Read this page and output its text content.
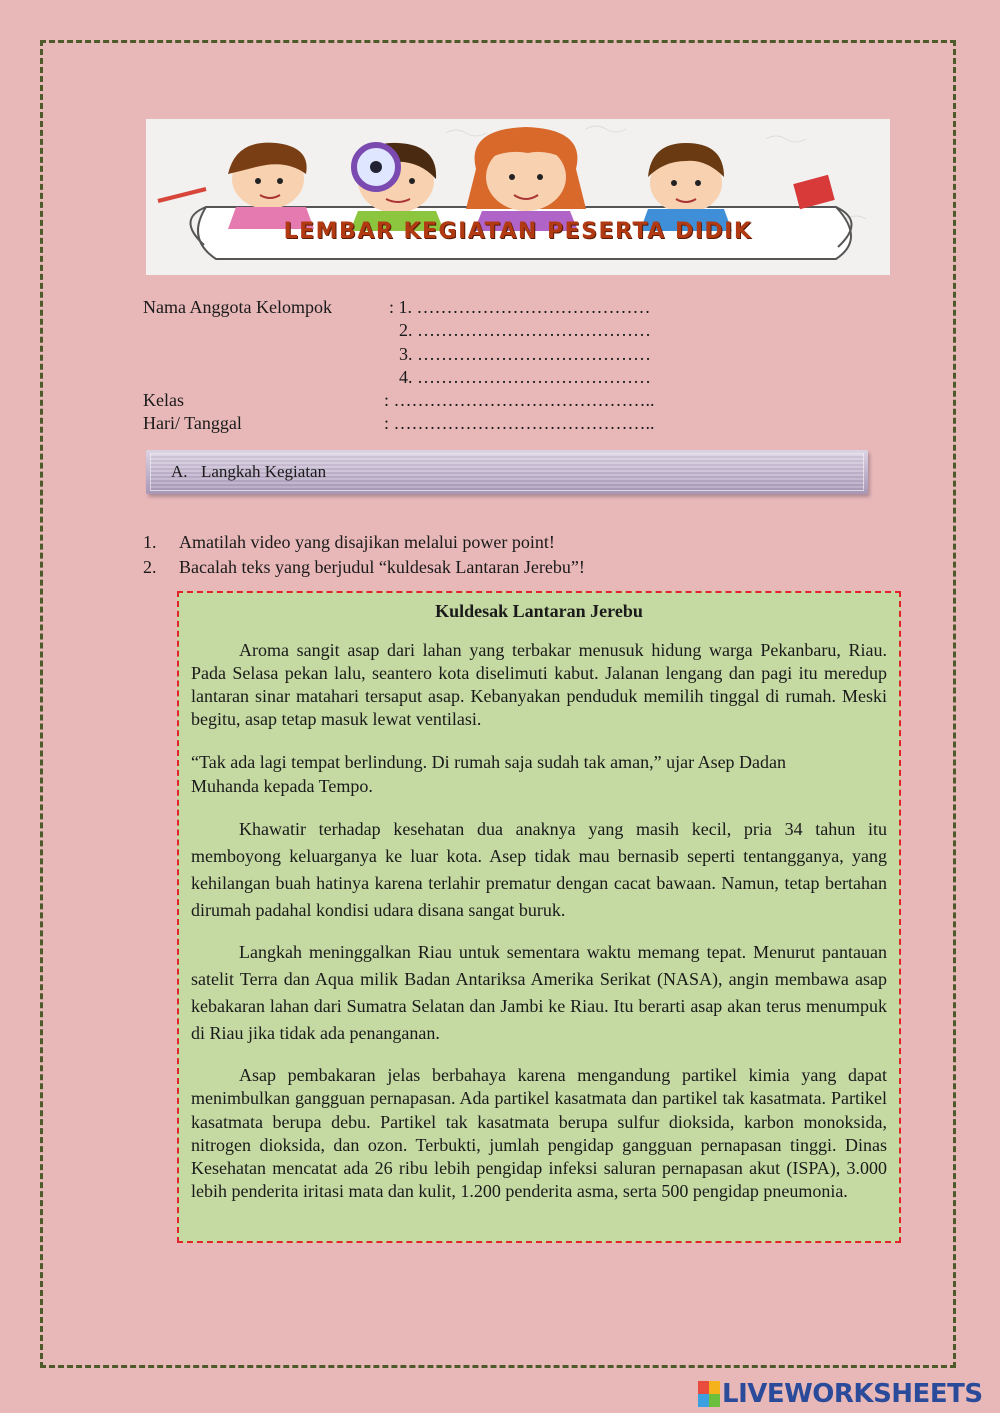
LEMBAR KEGIATAN PESERTA DIDIK
Nama Anggota Kelompok	: 1. …………………………………
2. …………………………………
3. …………………………………
4. …………………………………
Kelas	: ……………………………………..
Hari/ Tanggal	: ……………………………………..
A. Langkah Kegiatan
1. Amatilah video yang disajikan melalui power point!
2. Bacalah teks yang berjudul “kuldesak Lantaran Jerebu”!
Kuldesak Lantaran Jerebu

Aroma sangit asap dari lahan yang terbakar menusuk hidung warga Pekanbaru, Riau. Pada Selasa pekan lalu, seantero kota diselimuti kabut. Jalanan lengang dan pagi itu meredup lantaran sinar matahari tersaput asap. Kebanyakan penduduk memilih tinggal di rumah. Meski begitu, asap tetap masuk lewat ventilasi.

“Tak ada lagi tempat berlindung. Di rumah saja sudah tak aman,” ujar Asep Dadan Muhanda kepada Tempo.

Khawatir terhadap kesehatan dua anaknya yang masih kecil, pria 34 tahun itu memboyong keluarganya ke luar kota. Asep tidak mau bernasib seperti tentangganya, yang kehilangan buah hatinya karena terlahir prematur dengan cacat bawaan. Namun, tetap bertahan dirumah padahal kondisi udara disana sangat buruk.

Langkah meninggalkan Riau untuk sementara waktu memang tepat. Menurut pantauan satelit Terra dan Aqua milik Badan Antariksa Amerika Serikat (NASA), angin membawa asap kebakaran lahan dari Sumatra Selatan dan Jambi ke Riau. Itu berarti asap akan terus menumpuk di Riau jika tidak ada penanganan.

Asap pembakaran jelas berbahaya karena mengandung partikel kimia yang dapat menimbulkan gangguan pernapasan. Ada partikel kasatmata dan partikel tak kasatmata. Partikel kasatmata berupa debu. Partikel tak kasatmata berupa sulfur dioksida, karbon monoksida, nitrogen dioksida, dan ozon. Terbukti, jumlah pengidap gangguan pernapasan tinggi. Dinas Kesehatan mencatat ada 26 ribu lebih pengidap infeksi saluran pernapasan akut (ISPA), 3.000 lebih penderita iritasi mata dan kulit, 1.200 penderita asma, serta 500 pengidap pneumonia.

LIVEWORKSHEETS
